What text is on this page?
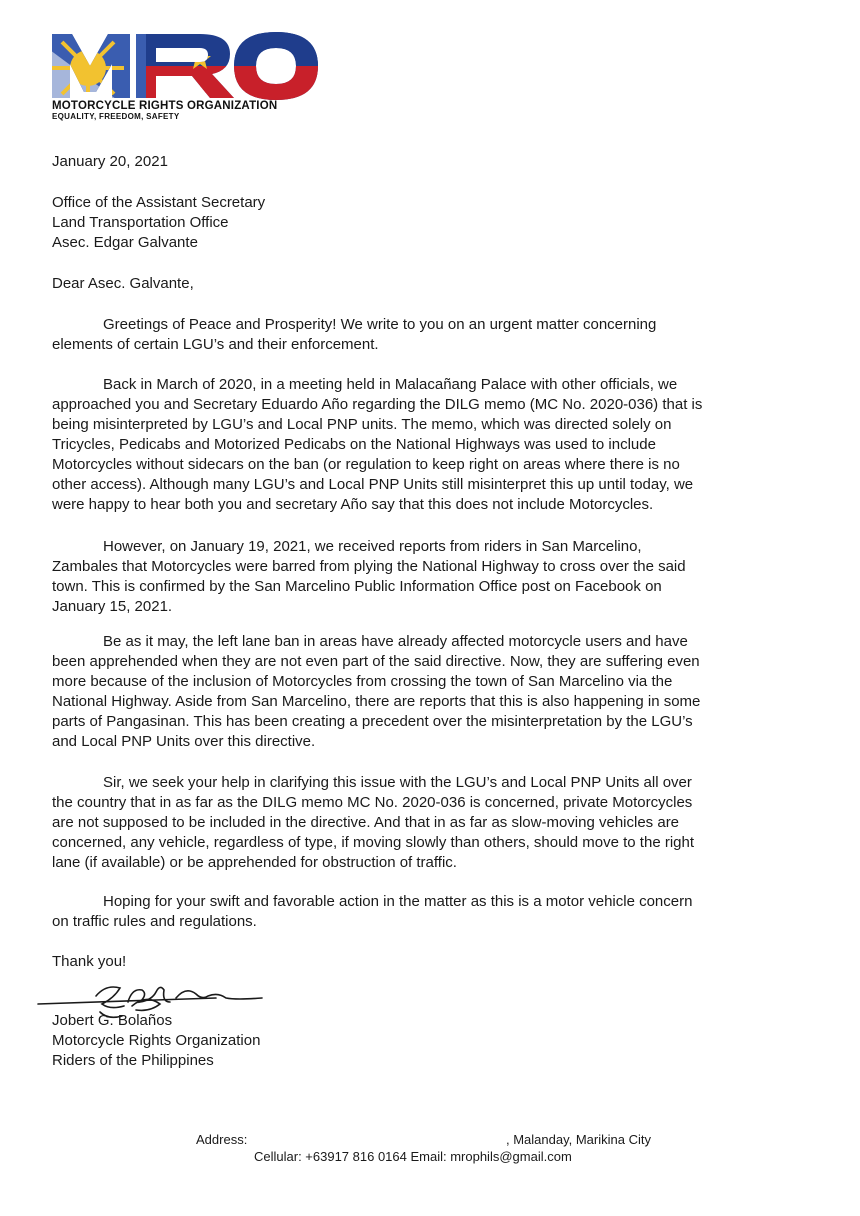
MOTORCYCLE RIGHTS ORGANIZATION
EQUALITY, FREEDOM, SAFETY
January 20, 2021
Office of the Assistant Secretary
Land Transportation Office
Asec. Edgar Galvante
Dear Asec. Galvante,
Greetings of Peace and Prosperity! We write to you on an urgent matter concerning
elements of certain LGU’s and their enforcement.
Back in March of 2020, in a meeting held in Malacañang Palace with other officials, we
approached you and Secretary Eduardo Año regarding the DILG memo (MC No. 2020-036) that is
being misinterpreted by LGU’s and Local PNP units. The memo, which was directed solely on
Tricycles, Pedicabs and Motorized Pedicabs on the National Highways was used to include
Motorcycles without sidecars on the ban (or regulation to keep right on areas where there is no
other access). Although many LGU’s and Local PNP Units still misinterpret this up until today, we
were happy to hear both you and secretary Año say that this does not include Motorcycles.
However, on January 19, 2021, we received reports from riders in San Marcelino,
Zambales that Motorcycles were barred from plying the National Highway to cross over the said
town. This is confirmed by the San Marcelino Public Information Office post on Facebook on
January 15, 2021.
Be as it may, the left lane ban in areas have already affected motorcycle users and have
been apprehended when they are not even part of the said directive. Now, they are suffering even
more because of the inclusion of Motorcycles from crossing the town of San Marcelino via the
National Highway. Aside from San Marcelino, there are reports that this is also happening in some
parts of Pangasinan. This has been creating a precedent over the misinterpretation by the LGU’s
and Local PNP Units over this directive.
Sir, we seek your help in clarifying this issue with the LGU’s and Local PNP Units all over
the country that in as far as the DILG memo MC No. 2020-036 is concerned, private Motorcycles
are not supposed to be included in the directive. And that in as far as slow-moving vehicles are
concerned, any vehicle, regardless of type, if moving slowly than others, should move to the right
lane (if available) or be apprehended for obstruction of traffic.
Hoping for your swift and favorable action in the matter as this is a motor vehicle concern
on traffic rules and regulations.
Thank you!
Jobert G. Bolaños
Motorcycle Rights Organization
Riders of the Philippines
Address:	, Malanday, Marikina City
Cellular: +63917 816 0164 Email: mrophils@gmail.com
